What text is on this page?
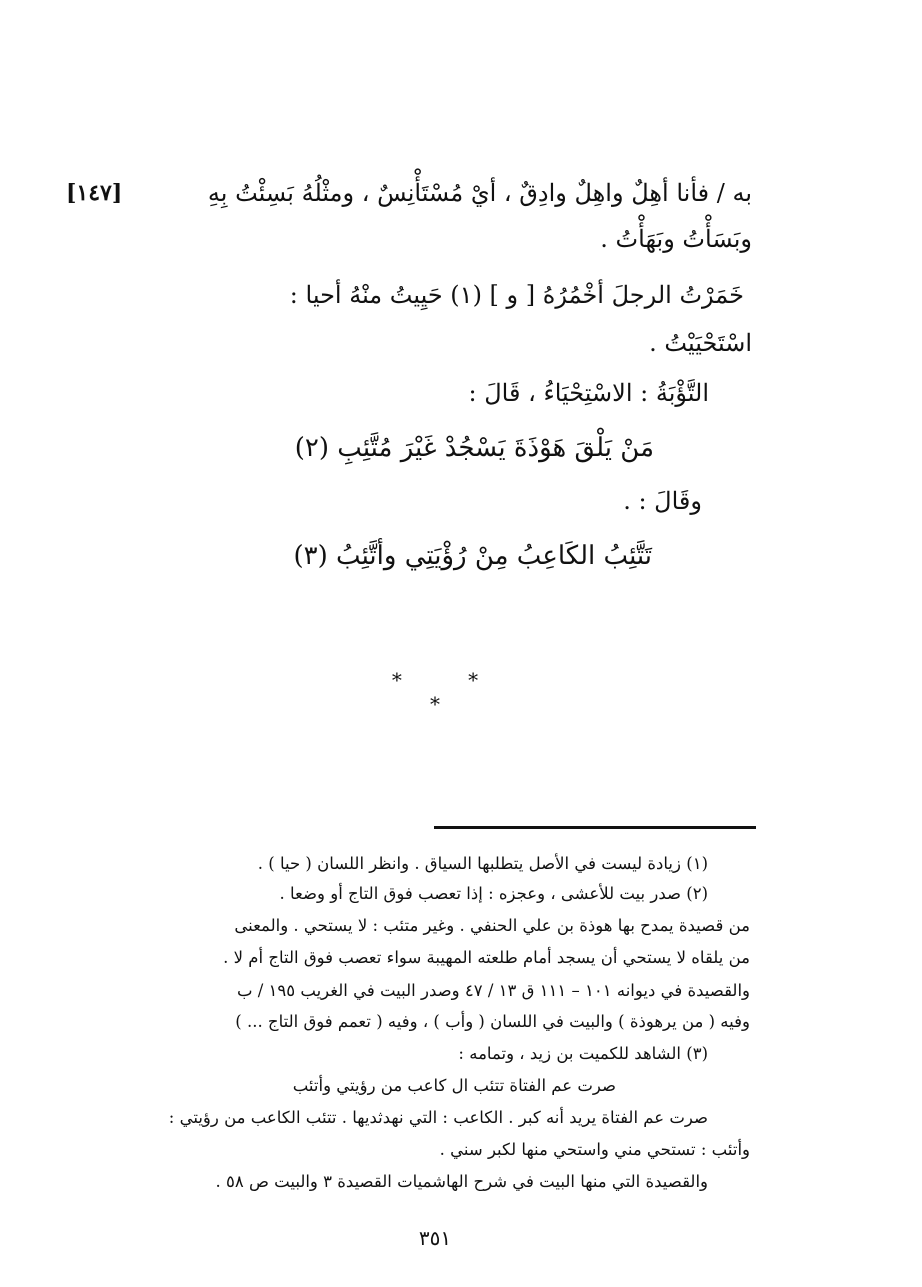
[١٤٧]	به / فأنا أهِلٌ واهِلٌ وادِقٌ ، أيْ مُسْتَأْنِسٌ ، ومثْلُهُ بَسِئْتُ بِهِ
وبَسَأْتُ وبَهَأْتُ .
خَمَرْتُ الرجلَ أخْمُرُهُ [ و ] (١) حَيِيتُ منْهُ أحيا :
اسْتَحْيَيْتُ .
التَّؤْبَةُ : الاسْتِحْيَاءُ ، قَالَ :
مَنْ يَلْقَ هَوْذَةَ يَسْجُدْ غَيْرَ مُتَّئِبِ (٢)
وقَالَ : .
تَتَّئِبُ الكَاعِبُ مِنْ رُؤْيَتِي وأتَّئِبُ (٣)
* * *
(١) زيادة ليست في الأصل يتطلبها السياق . وانظر اللسان ( حيا ) .
(٢) صدر بيت للأعشى ، وعجزه : إذا تعصب فوق التاج أو وضعا .
من قصيدة يمدح بها هوذة بن علي الحنفي . وغير متئب : لا يستحي . والمعنى
من يلقاه لا يستحي أن يسجد أمام طلعته المهيبة سواء تعصب فوق التاج أم لا .
والقصيدة في ديوانه ١٠١ – ١١١ ق ١٣ / ٤٧ وصدر البيت في الغريب ١٩٥ / ب
وفيه ( من يرهوذة ) والبيت في اللسان ( وأب ) ، وفيه ( تعمم فوق التاج ... )
(٣) الشاهد للكميت بن زيد ، وتمامه :
صرت عم الفتاة تتئب ال كاعب من رؤيتي وأتئب
صرت عم الفتاة يريد أنه كبر . الكاعب : التي نهدثديها . تتئب الكاعب من رؤيتي :
وأتئب : تستحي مني واستحي منها لكبر سني .
والقصيدة التي منها البيت في شرح الهاشميات القصيدة ٣ والبيت ص ٥٨ .
٣٥١
